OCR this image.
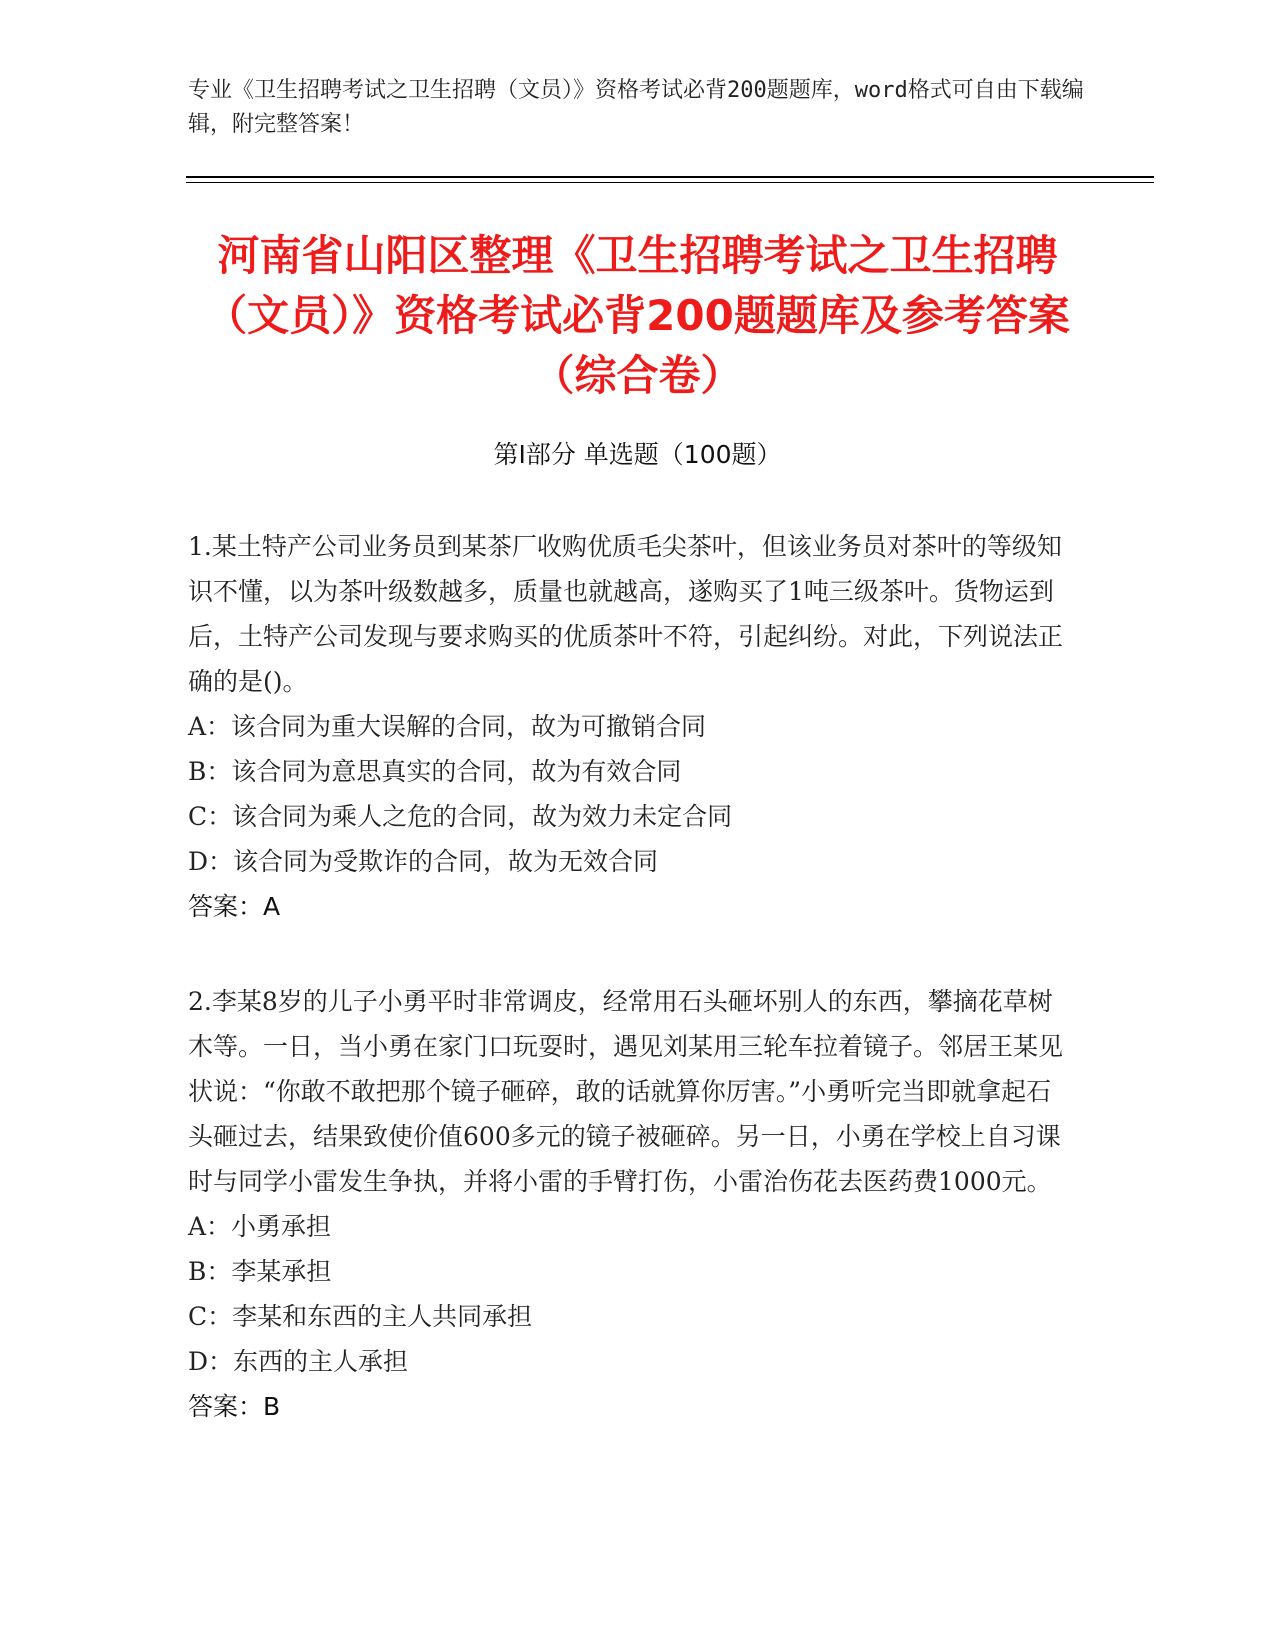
专业《卫生招聘考试之卫生招聘（文员）》资格考试必背200题题库，word格式可自由下载编辑，附完整答案！
河南省山阳区整理《卫生招聘考试之卫生招聘（文员）》资格考试必背200题题库及参考答案（综合卷）
第Ⅰ部分 单选题（100题）

1.某土特产公司业务员到某茶厂收购优质毛尖茶叶，但该业务员对茶叶的等级知识不懂，以为茶叶级数越多，质量也就越高，遂购买了1吨三级茶叶。货物运到后，土特产公司发现与要求购买的优质茶叶不符，引起纠纷。对此，下列说法正确的是()。

A：该合同为重大误解的合同，故为可撤销合同

B：该合同为意思真实的合同，故为有效合同

C：该合同为乘人之危的合同，故为效力未定合同

D：该合同为受欺诈的合同，故为无效合同

答案：A

2.李某8岁的儿子小勇平时非常调皮，经常用石头砸坏别人的东西，攀摘花草树木等。一日，当小勇在家门口玩耍时，遇见刘某用三轮车拉着镜子。邻居王某见状说：“你敢不敢把那个镜子砸碎，敢的话就算你厉害。”小勇听完当即就拿起石头砸过去，结果致使价值600多元的镜子被砸碎。另一日，小勇在学校上自习课时与同学小雷发生争执，并将小雷的手臂打伤，小雷治伤花去医药费1000元。

A：小勇承担

B：李某承担

C：李某和东西的主人共同承担

D：东西的主人承担

答案：B
